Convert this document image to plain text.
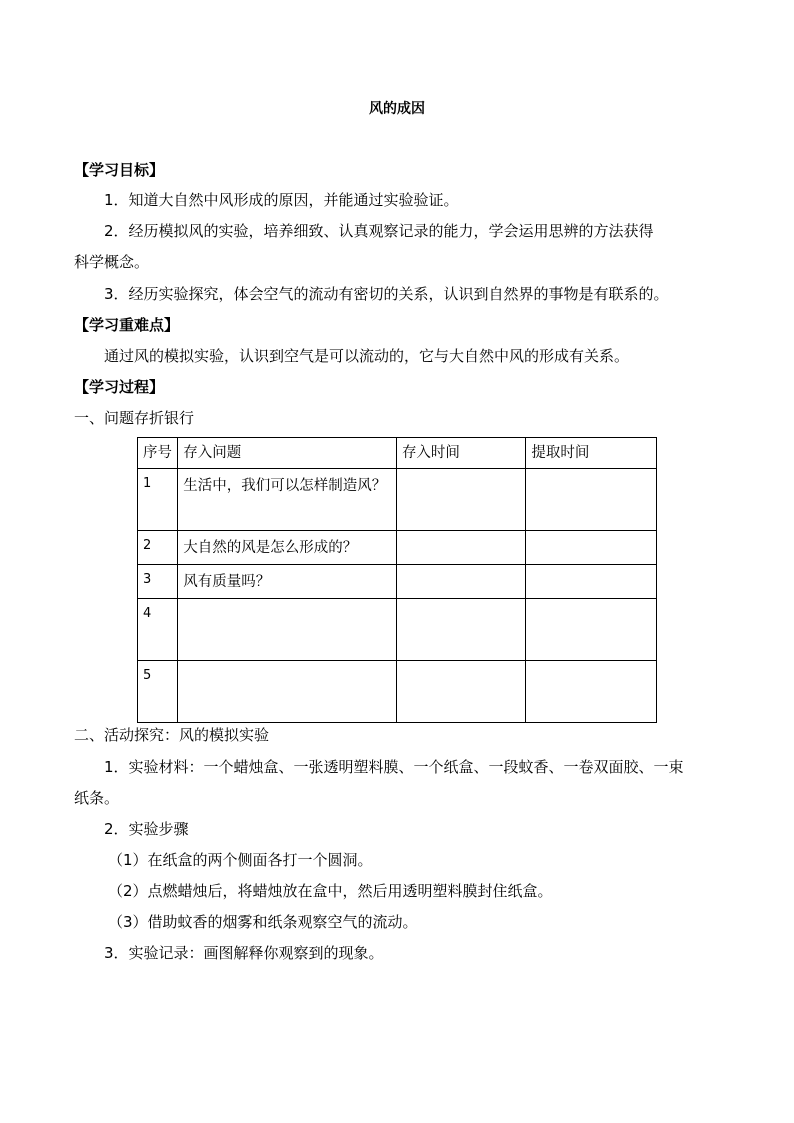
风的成因
【学习目标】
1．知道大自然中风形成的原因，并能通过实验验证。
2．经历模拟风的实验，培养细致、认真观察记录的能力，学会运用思辨的方法获得
科学概念。
3．经历实验探究，体会空气的流动有密切的关系，认识到自然界的事物是有联系的。
【学习重难点】
通过风的模拟实验，认识到空气是可以流动的，它与大自然中风的形成有关系。
【学习过程】
一、问题存折银行
序号	存入问题	存入时间	提取时间
1	生活中，我们可以怎样制造风？		
2	大自然的风是怎么形成的？		
3	风有质量吗？		
4			
5			
二、活动探究：风的模拟实验
1．实验材料：一个蜡烛盒、一张透明塑料膜、一个纸盒、一段蚊香、一卷双面胶、一束
纸条。
2．实验步骤
（1）在纸盒的两个侧面各打一个圆洞。
（2）点燃蜡烛后，将蜡烛放在盒中，然后用透明塑料膜封住纸盒。
（3）借助蚊香的烟雾和纸条观察空气的流动。
3．实验记录：画图解释你观察到的现象。
